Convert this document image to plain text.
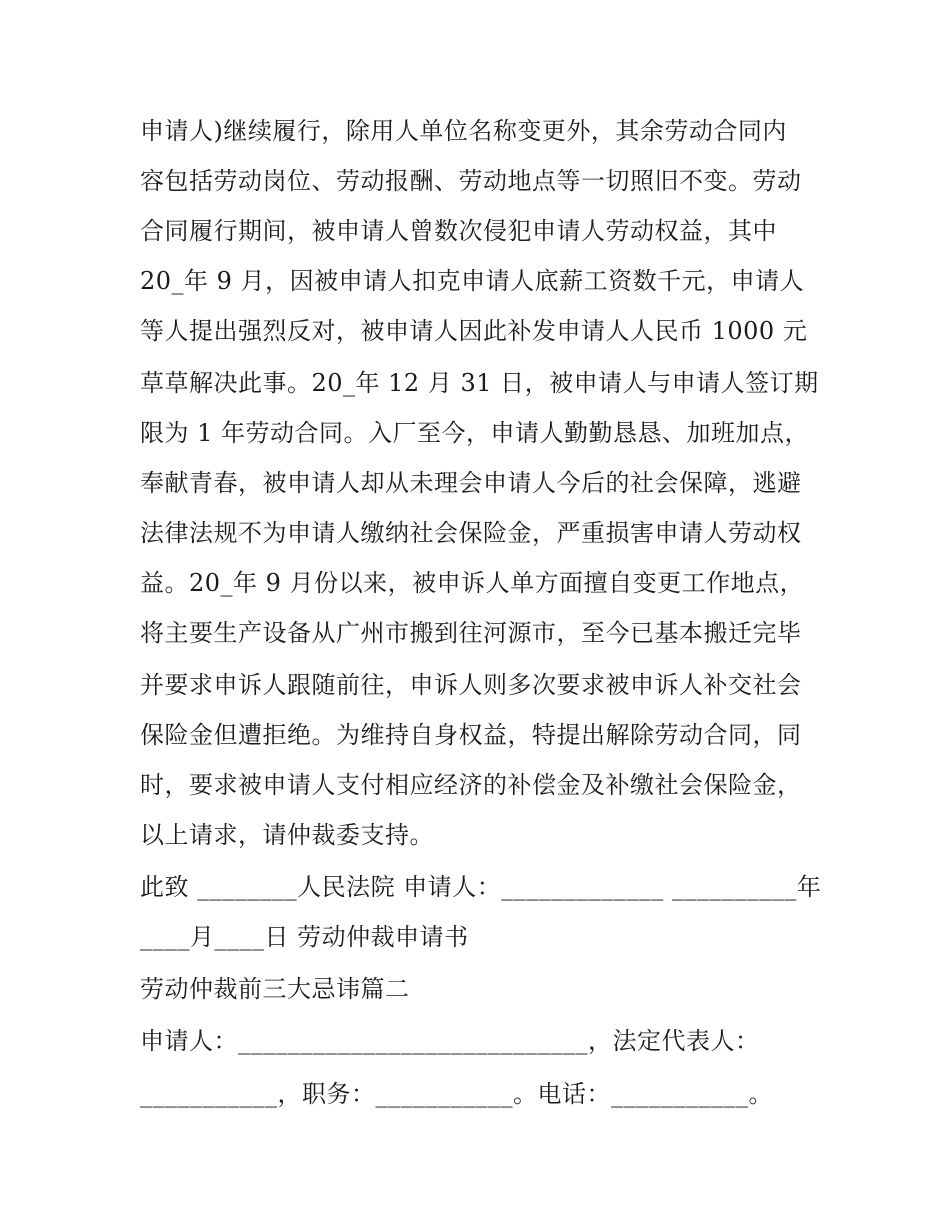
申请人)继续履行，除用人单位名称变更外，其余劳动合同内
容包括劳动岗位、劳动报酬、劳动地点等一切照旧不变。劳动
合同履行期间，被申请人曾数次侵犯申请人劳动权益，其中
20_年 9 月，因被申请人扣克申请人底薪工资数千元，申请人
等人提出强烈反对，被申请人因此补发申请人人民币 1000 元
草草解决此事。20_年 12 月 31 日，被申请人与申请人签订期
限为 1 年劳动合同。入厂至今，申请人勤勤恳恳、加班加点，
奉献青春，被申请人却从未理会申请人今后的社会保障，逃避
法律法规不为申请人缴纳社会保险金，严重损害申请人劳动权
益。20_年 9 月份以来，被申诉人单方面擅自变更工作地点，
将主要生产设备从广州市搬到往河源市，至今已基本搬迁完毕
并要求申诉人跟随前往，申诉人则多次要求被申诉人补交社会
保险金但遭拒绝。为维持自身权益，特提出解除劳动合同，同
时，要求被申请人支付相应经济的补偿金及补缴社会保险金，
以上请求，请仲裁委支持。
此致 ________人民法院 申请人：_____________ __________年
____月____日 劳动仲裁申请书
劳动仲裁前三大忌讳篇二
申请人：____________________________，法定代表人：
___________，职务：___________。电话：___________。
